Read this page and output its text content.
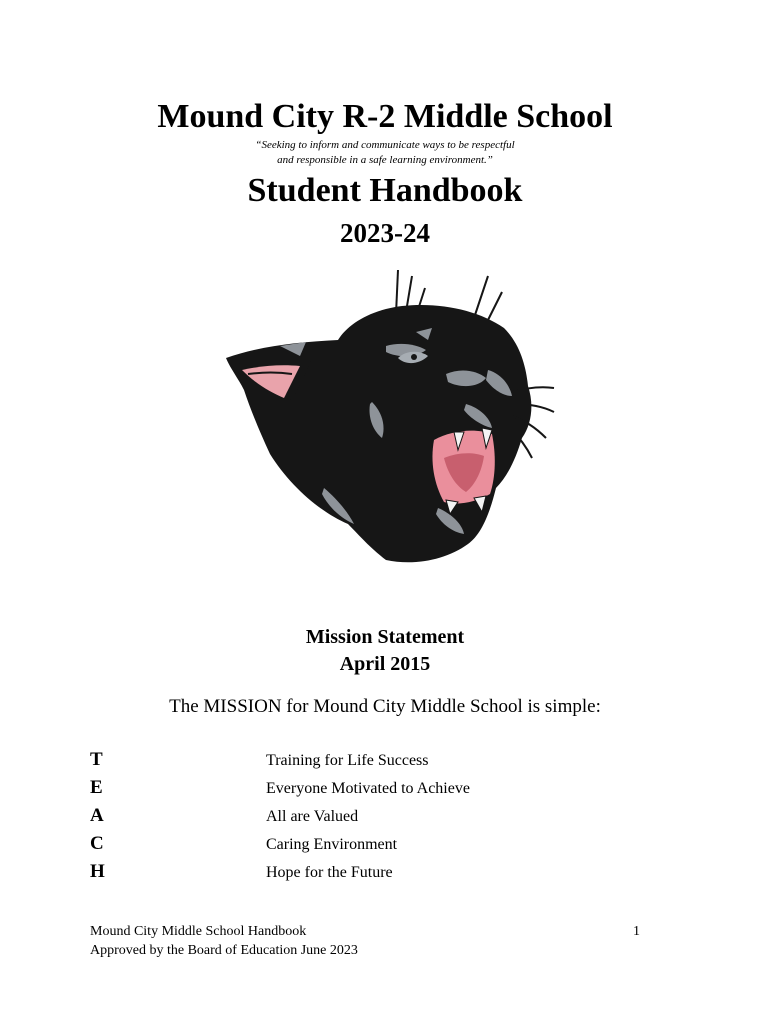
Mound City R-2 Middle School
“Seeking to inform and communicate ways to be respectful
and responsible in a safe learning environment.”
Student Handbook
2023-24
Mission Statement
April 2015
The MISSION for Mound City Middle School is simple:
T	Training for Life Success
E	Everyone Motivated to Achieve
A	All are Valued
C	Caring Environment
H	Hope for the Future
Mound City Middle School Handbook
Approved by the Board of Education June 2023
1
